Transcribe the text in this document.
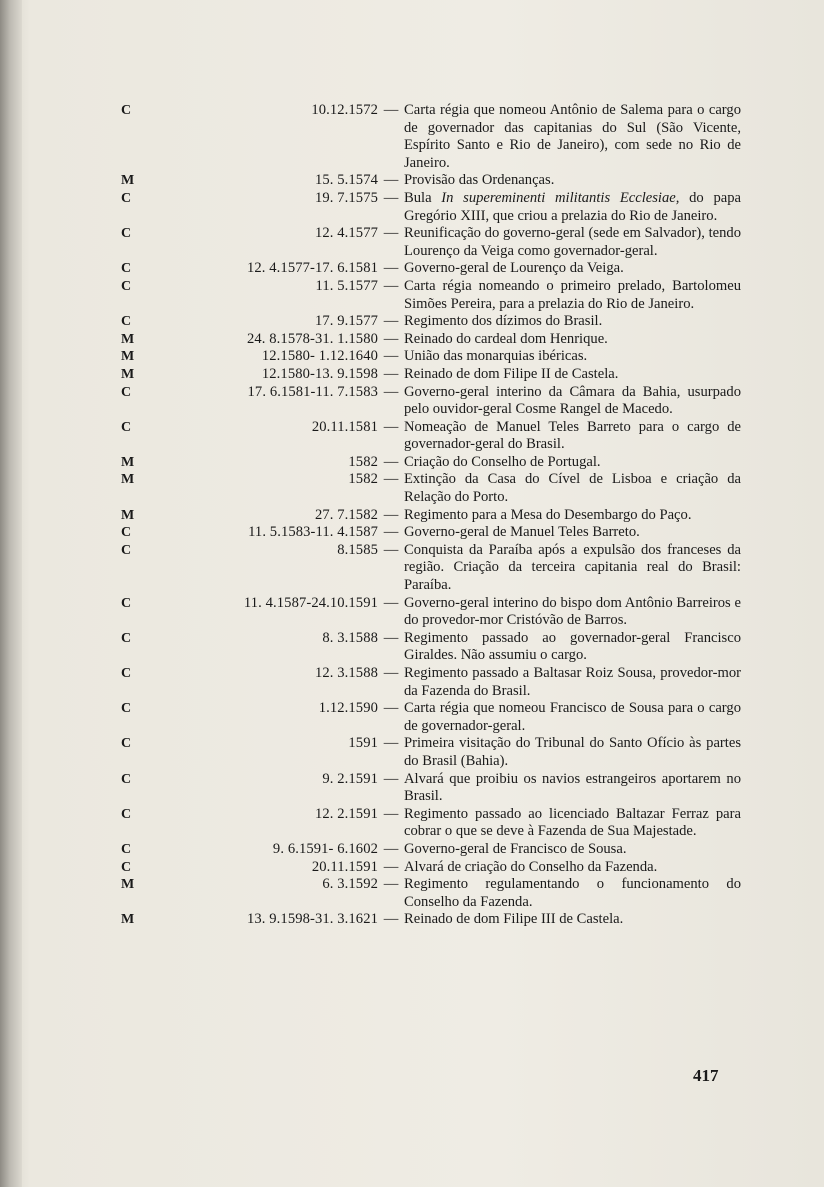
C	10.12.1572 — Carta régia que nomeou Antônio de Salema para o cargo de governador das capitanias do Sul (São Vicente, Espírito Santo e Rio de Janeiro), com sede no Rio de Janeiro.
M	15. 5.1574 — Provisão das Ordenanças.
C	19. 7.1575 — Bula In supereminenti militantis Ecclesiae, do papa Gregório XIII, que criou a prelazia do Rio de Janeiro.
C	12. 4.1577 — Reunificação do governo-geral (sede em Salvador), tendo Lourenço da Veiga como governador-geral.
C	12. 4.1577-17. 6.1581 — Governo-geral de Lourenço da Veiga.
C	11. 5.1577 — Carta régia nomeando o primeiro prelado, Bartolomeu Simões Pereira, para a prelazia do Rio de Janeiro.
C	17. 9.1577 — Regimento dos dízimos do Brasil.
M	24. 8.1578-31. 1.1580 — Reinado do cardeal dom Henrique.
M	12.1580- 1.12.1640 — União das monarquias ibéricas.
M	12.1580-13. 9.1598 — Reinado de dom Filipe II de Castela.
C	17. 6.1581-11. 7.1583 — Governo-geral interino da Câmara da Bahia, usurpado pelo ouvidor-geral Cosme Rangel de Macedo.
C	20.11.1581 — Nomeação de Manuel Teles Barreto para o cargo de governador-geral do Brasil.
M	1582 — Criação do Conselho de Portugal.
M	1582 — Extinção da Casa do Cível de Lisboa e criação da Relação do Porto.
M	27. 7.1582 — Regimento para a Mesa do Desembargo do Paço.
C	11. 5.1583-11. 4.1587 — Governo-geral de Manuel Teles Barreto.
C	8.1585 — Conquista da Paraíba após a expulsão dos franceses da região. Criação da terceira capitania real do Brasil: Paraíba.
C	11. 4.1587-24.10.1591 — Governo-geral interino do bispo dom Antônio Barreiros e do provedor-mor Cristóvão de Barros.
C	8. 3.1588 — Regimento passado ao governador-geral Francisco Giraldes. Não assumiu o cargo.
C	12. 3.1588 — Regimento passado a Baltasar Roiz Sousa, provedor-mor da Fazenda do Brasil.
C	1.12.1590 — Carta régia que nomeou Francisco de Sousa para o cargo de governador-geral.
C	1591 — Primeira visitação do Tribunal do Santo Ofício às partes do Brasil (Bahia).
C	9. 2.1591 — Alvará que proibiu os navios estrangeiros aportarem no Brasil.
C	12. 2.1591 — Regimento passado ao licenciado Baltazar Ferraz para cobrar o que se deve à Fazenda de Sua Majestade.
C	9. 6.1591- 6.1602 — Governo-geral de Francisco de Sousa.
C	20.11.1591 — Alvará de criação do Conselho da Fazenda.
M	6. 3.1592 — Regimento regulamentando o funcionamento do Conselho da Fazenda.
M	13. 9.1598-31. 3.1621 — Reinado de dom Filipe III de Castela.
417
